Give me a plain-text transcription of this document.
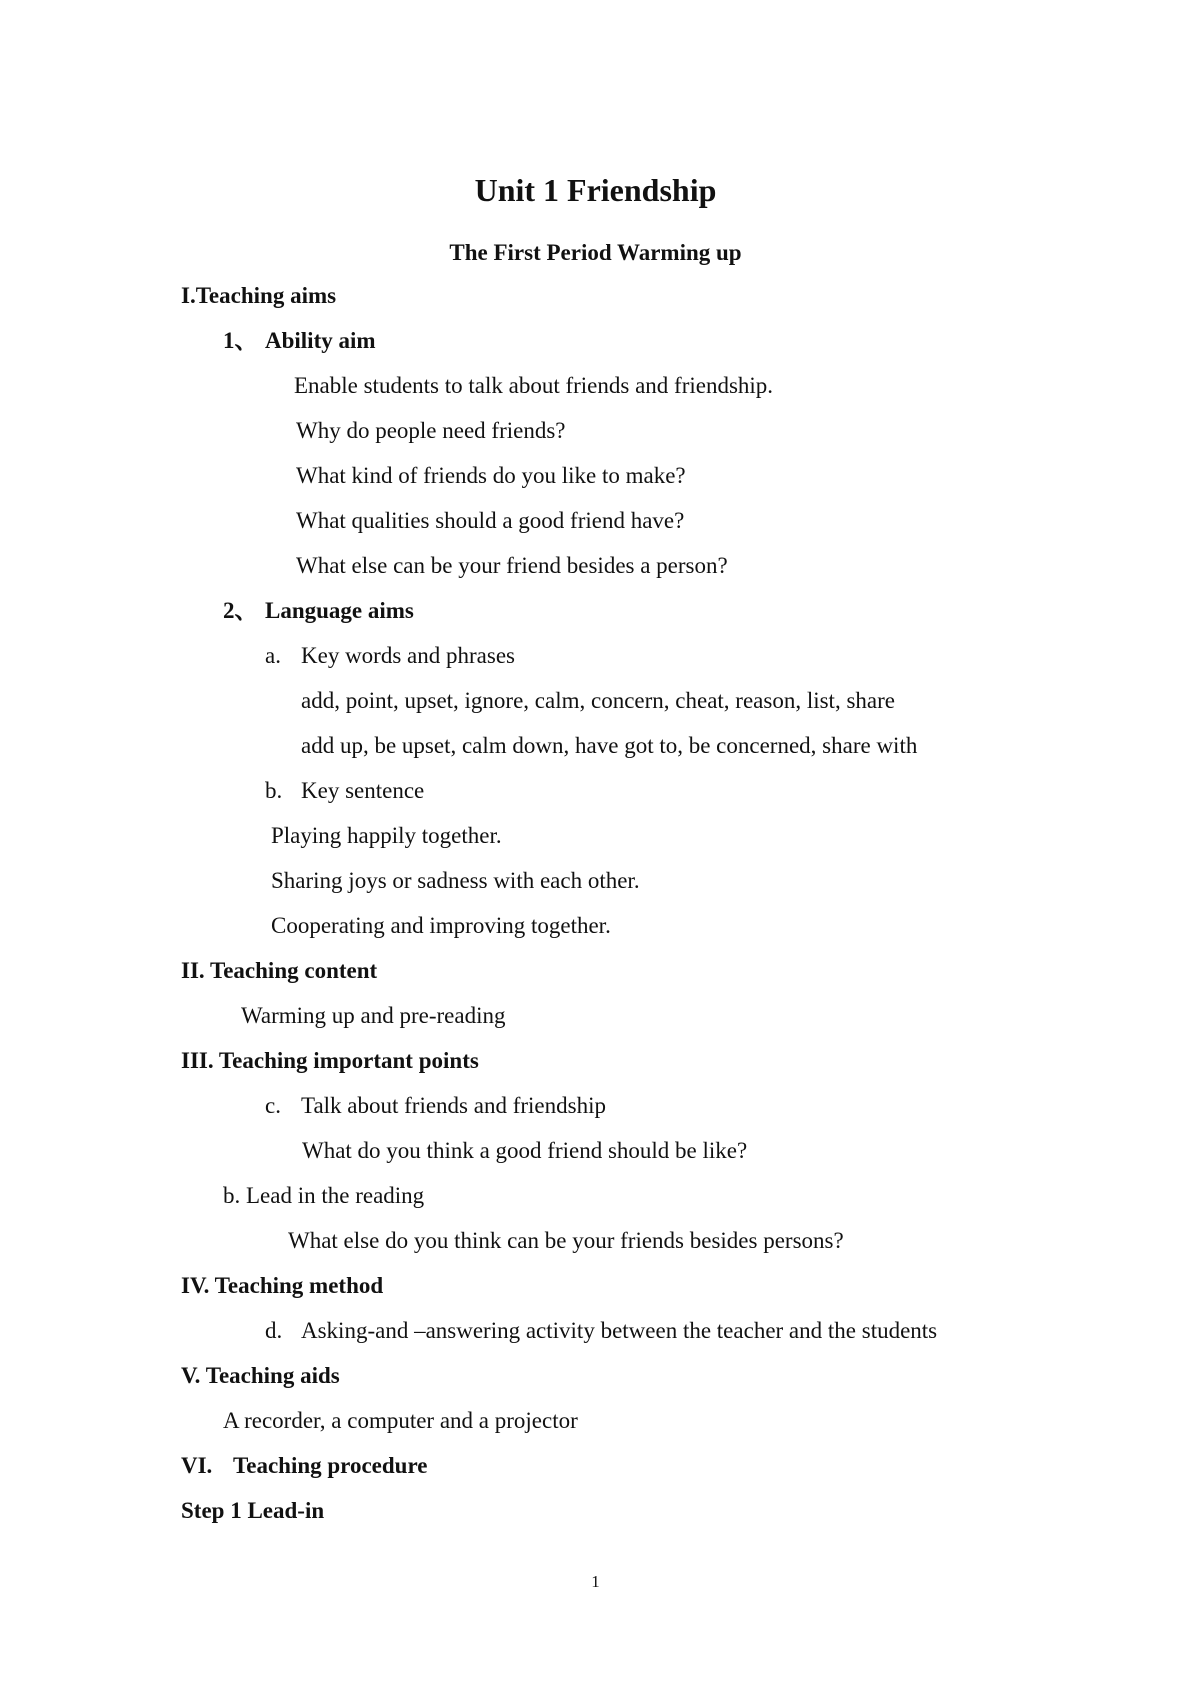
Unit 1 Friendship
The First Period Warming up
I.Teaching aims
1、 Ability aim
Enable students to talk about friends and friendship.
Why do people need friends?
What kind of friends do you like to make?
What qualities should a good friend have?
What else can be your friend besides a person?
2、 Language aims
a. Key words and phrases
add, point, upset, ignore, calm, concern, cheat, reason, list, share
add up, be upset, calm down, have got to, be concerned, share with
b. Key sentence
Playing happily together.
Sharing joys or sadness with each other.
Cooperating and improving together.
II. Teaching content
Warming up and pre-reading
III. Teaching important points
c. Talk about friends and friendship
What do you think a good friend should be like?
b. Lead in the reading
What else do you think can be your friends besides persons?
IV. Teaching method
d. Asking-and –answering activity between the teacher and the students
V. Teaching aids
A recorder, a computer and a projector
VI. Teaching procedure
Step 1 Lead-in
1
